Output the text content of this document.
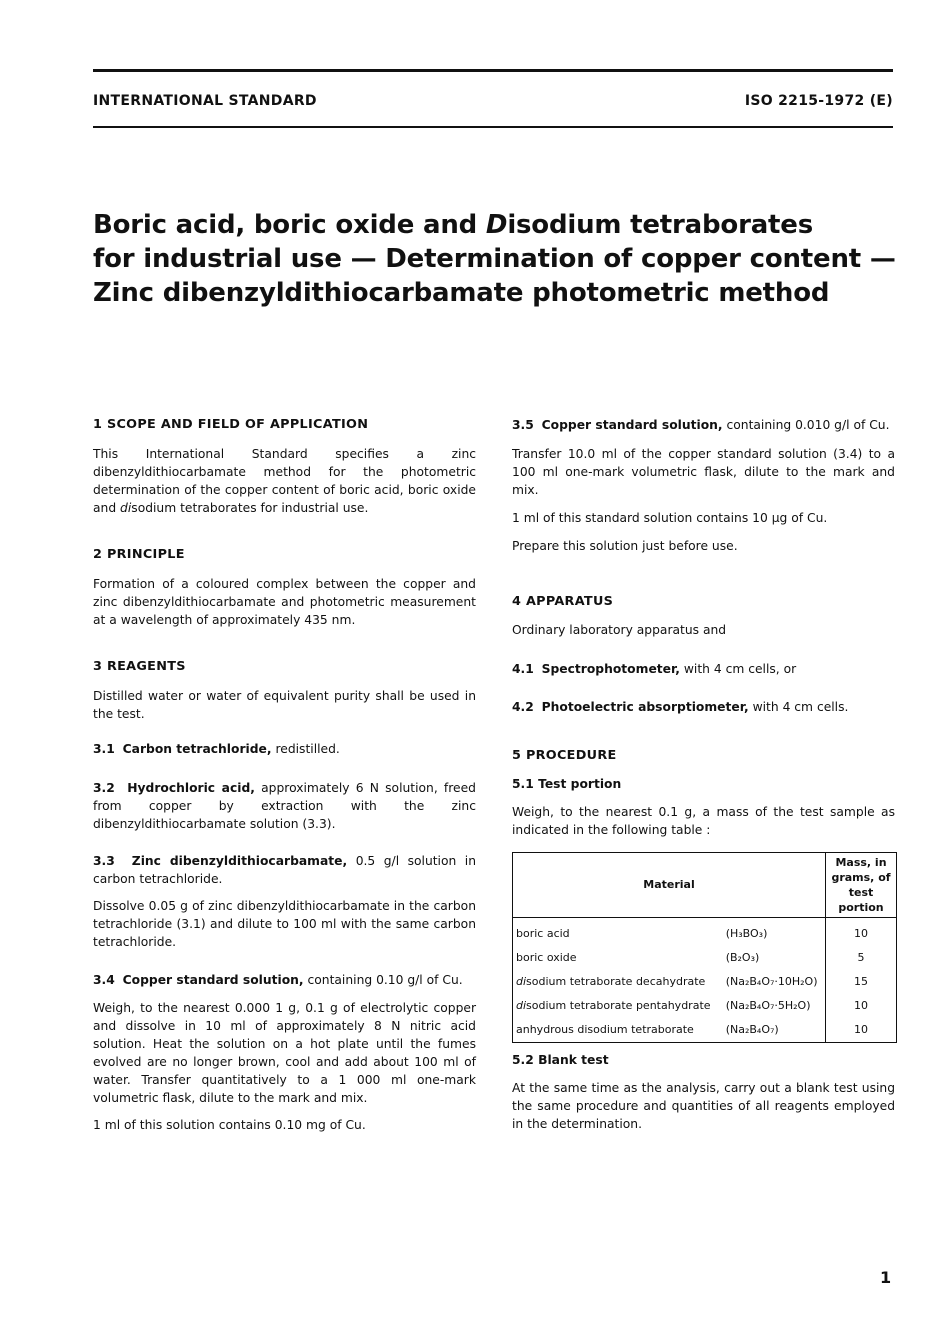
INTERNATIONAL STANDARD	ISO 2215-1972 (E)
Boric acid, boric oxide and Disodium tetraborates
for industrial use — Determination of copper content —
Zinc dibenzyldithiocarbamate photometric method
1 SCOPE AND FIELD OF APPLICATION
This International Standard specifies a zinc dibenzyldithiocarbamate method for the photometric determination of the copper content of boric acid, boric oxide and disodium tetraborates for industrial use.
2 PRINCIPLE
Formation of a coloured complex between the copper and zinc dibenzyldithiocarbamate and photometric measurement at a wavelength of approximately 435 nm.
3 REAGENTS
Distilled water or water of equivalent purity shall be used in the test.
3.1 Carbon tetrachloride, redistilled.
3.2 Hydrochloric acid, approximately 6 N solution, freed from copper by extraction with the zinc dibenzyldithiocarbamate solution (3.3).
3.3 Zinc dibenzyldithiocarbamate, 0.5 g/l solution in carbon tetrachloride.
Dissolve 0.05 g of zinc dibenzyldithiocarbamate in the carbon tetrachloride (3.1) and dilute to 100 ml with the same carbon tetrachloride.
3.4 Copper standard solution, containing 0.10 g/l of Cu.
Weigh, to the nearest 0.000 1 g, 0.1 g of electrolytic copper and dissolve in 10 ml of approximately 8 N nitric acid solution. Heat the solution on a hot plate until the fumes evolved are no longer brown, cool and add about 100 ml of water. Transfer quantitatively to a 1 000 ml one-mark volumetric flask, dilute to the mark and mix.
1 ml of this solution contains 0.10 mg of Cu.
3.5 Copper standard solution, containing 0.010 g/l of Cu.
Transfer 10.0 ml of the copper standard solution (3.4) to a 100 ml one-mark volumetric flask, dilute to the mark and mix.
1 ml of this standard solution contains 10 µg of Cu.
Prepare this solution just before use.
4 APPARATUS
Ordinary laboratory apparatus and
4.1 Spectrophotometer, with 4 cm cells, or
4.2 Photoelectric absorptiometer, with 4 cm cells.
5 PROCEDURE
5.1 Test portion
Weigh, to the nearest 0.1 g, a mass of the test sample as indicated in the following table :
Material		Mass, in grams, of test portion
boric acid	(H₃BO₃)	10
boric oxide	(B₂O₃)	5
disodium tetraborate decahydrate	(Na₂B₄O₇·10H₂O)	15
disodium tetraborate pentahydrate	(Na₂B₄O₇·5H₂O)	10
anhydrous disodium tetraborate	(Na₂B₄O₇)	10
5.2 Blank test
At the same time as the analysis, carry out a blank test using the same procedure and quantities of all reagents employed in the determination.
1
